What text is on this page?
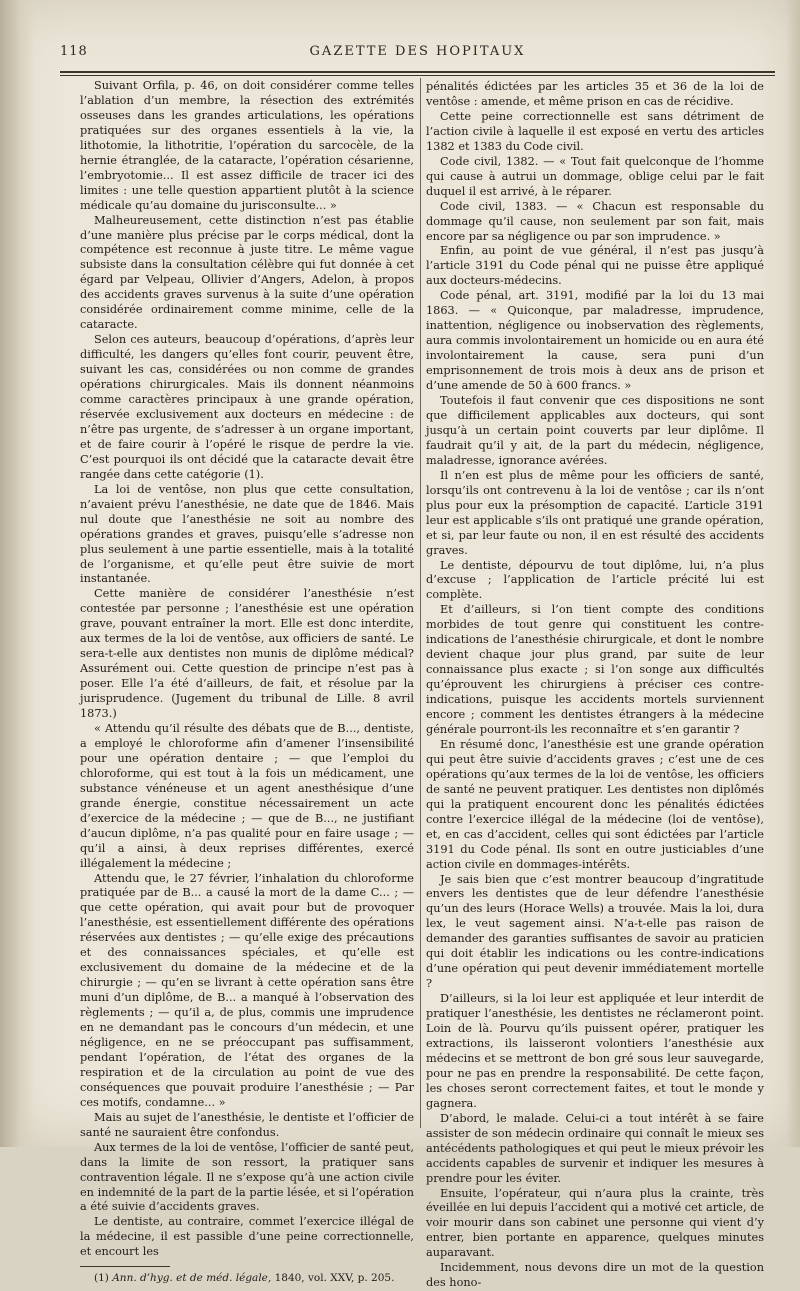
118	GAZETTE DES HOPITAUX

Suivant Orfila, p. 46, on doit considérer comme telles l’ablation d’un membre, la résection des extrémités osseuses dans les grandes articulations, les opérations pratiquées sur des organes essentiels à la vie, la lithotomie, la lithotritie, l’opération du sarcocèle, de la hernie étranglée, de la cataracte, l’opération césarienne, l’embryotomie... Il est assez difficile de tracer ici des limites : une telle question appartient plutôt à la science médicale qu’au domaine du jurisconsulte... »

Malheureusement, cette distinction n’est pas établie d’une manière plus précise par le corps médical, dont la compétence est reconnue à juste titre. Le même vague subsiste dans la consultation célèbre qui fut donnée à cet égard par Velpeau, Ollivier d’Angers, Adelon, à propos des accidents graves survenus à la suite d’une opération considérée ordinairement comme minime, celle de la cataracte.

Selon ces auteurs, beaucoup d’opérations, d’après leur difficulté, les dangers qu’elles font courir, peuvent être, suivant les cas, considérées ou non comme de grandes opérations chirurgicales. Mais ils donnent néanmoins comme caractères principaux à une grande opération, réservée exclusivement aux docteurs en médecine : de n’être pas urgente, de s’adresser à un organe important, et de faire courir à l’opéré le risque de perdre la vie. C’est pourquoi ils ont décidé que la cataracte devait être rangée dans cette catégorie (1).

La loi de ventôse, non plus que cette consultation, n’avaient prévu l’anesthésie, ne date que de 1846. Mais nul doute que l’anesthésie ne soit au nombre des opérations grandes et graves, puisqu’elle s’adresse non plus seulement à une partie essentielle, mais à la totalité de l’organisme, et qu’elle peut être suivie de mort instantanée.

Cette manière de considérer l’anesthésie n’est contestée par personne ; l’anesthésie est une opération grave, pouvant entraîner la mort. Elle est donc interdite, aux termes de la loi de ventôse, aux officiers de santé. Le sera-t-elle aux dentistes non munis de diplôme médical? Assurément oui. Cette question de principe n’est pas à poser. Elle l’a été d’ailleurs, de fait, et résolue par la jurisprudence. (Jugement du tribunal de Lille. 8 avril 1873.)

« Attendu qu’il résulte des débats que de B..., dentiste, a employé le chloroforme afin d’amener l’insensibilité pour une opération dentaire ; — que l’emploi du chloroforme, qui est tout à la fois un médicament, une substance vénéneuse et un agent anesthésique d’une grande énergie, constitue nécessairement un acte d’exercice de la médecine ; — que de B..., ne justifiant d’aucun diplôme, n’a pas qualité pour en faire usage ; — qu’il a ainsi, à deux reprises différentes, exercé illégalement la médecine ;

Attendu que, le 27 février, l’inhalation du chloroforme pratiquée par de B... a causé la mort de la dame C... ; — que cette opération, qui avait pour but de provoquer l’anesthésie, est essentiellement différente des opérations réservées aux dentistes ; — qu’elle exige des précautions et des connaissances spéciales, et qu’elle est exclusivement du domaine de la médecine et de la chirurgie ; — qu’en se livrant à cette opération sans être muni d’un diplôme, de B... a manqué à l’observation des règlements ; — qu’il a, de plus, commis une imprudence en ne demandant pas le concours d’un médecin, et une négligence, en ne se préoccupant pas suffisamment, pendant l’opération, de l’état des organes de la respiration et de la circulation au point de vue des conséquences que pouvait produire l’anesthésie ; — Par ces motifs, condamne... »

Mais au sujet de l’anesthésie, le dentiste et l’officier de santé ne sauraient être confondus.

Aux termes de la loi de ventôse, l’officier de santé peut, dans la limite de son ressort, la pratiquer sans contravention légale. Il ne s’expose qu’à une action civile en indemnité de la part de la partie lésée, et si l’opération a été suivie d’accidents graves.

Le dentiste, au contraire, commet l’exercice illégal de la médecine, il est passible d’une peine correctionnelle, et encourt les

(1) Ann. d’hyg. et de méd. légale, 1840, vol. XXV, p. 205.

pénalités édictées par les articles 35 et 36 de la loi de ventôse : amende, et même prison en cas de récidive.

Cette peine correctionnelle est sans détriment de l’action civile à laquelle il est exposé en vertu des articles 1382 et 1383 du Code civil.

Code civil, 1382. — « Tout fait quelconque de l’homme qui cause à autrui un dommage, oblige celui par le fait duquel il est arrivé, à le réparer.

Code civil, 1383. — « Chacun est responsable du dommage qu’il cause, non seulement par son fait, mais encore par sa négligence ou par son imprudence. »

Enfin, au point de vue général, il n’est pas jusqu’à l’article 3191 du Code pénal qui ne puisse être appliqué aux docteurs-médecins.

Code pénal, art. 3191, modifié par la loi du 13 mai 1863. — « Quiconque, par maladresse, imprudence, inattention, négligence ou inobservation des règlements, aura commis involontairement un homicide ou en aura été involontairement la cause, sera puni d’un emprisonnement de trois mois à deux ans de prison et d’une amende de 50 à 600 francs. »

Toutefois il faut convenir que ces dispositions ne sont que difficilement applicables aux docteurs, qui sont jusqu’à un certain point couverts par leur diplôme. Il faudrait qu’il y ait, de la part du médecin, négligence, maladresse, ignorance avérées.

Il n’en est plus de même pour les officiers de santé, lorsqu’ils ont contrevenu à la loi de ventôse ; car ils n’ont plus pour eux la présomption de capacité. L’article 3191 leur est applicable s’ils ont pratiqué une grande opération, et si, par leur faute ou non, il en est résulté des accidents graves.

Le dentiste, dépourvu de tout diplôme, lui, n’a plus d’excuse ; l’application de l’article précité lui est complète.

Et d’ailleurs, si l’on tient compte des conditions morbides de tout genre qui constituent les contre-indications de l’anesthésie chirurgicale, et dont le nombre devient chaque jour plus grand, par suite de leur connaissance plus exacte ; si l’on songe aux difficultés qu’éprouvent les chirurgiens à préciser ces contre-indications, puisque les accidents mortels surviennent encore ; comment les dentistes étrangers à la médecine générale pourront-ils les reconnaître et s’en garantir ?

En résumé donc, l’anesthésie est une grande opération qui peut être suivie d’accidents graves ; c’est une de ces opérations qu’aux termes de la loi de ventôse, les officiers de santé ne peuvent pratiquer. Les dentistes non diplômés qui la pratiquent encourent donc les pénalités édictées contre l’exercice illégal de la médecine (loi de ventôse), et, en cas d’accident, celles qui sont édictées par l’article 3191 du Code pénal. Ils sont en outre justiciables d’une action civile en dommages-intérêts.

Je sais bien que c’est montrer beaucoup d’ingratitude envers les dentistes que de leur défendre l’anesthésie qu’un des leurs (Horace Wells) a trouvée. Mais la loi, dura lex, le veut sagement ainsi. N’a-t-elle pas raison de demander des garanties suffisantes de savoir au praticien qui doit établir les indications ou les contre-indications d’une opération qui peut devenir immédiatement mortelle ?

D’ailleurs, si la loi leur est appliquée et leur interdit de pratiquer l’anesthésie, les dentistes ne réclameront point. Loin de là. Pourvu qu’ils puissent opérer, pratiquer les extractions, ils laisseront volontiers l’anesthésie aux médecins et se mettront de bon gré sous leur sauvegarde, pour ne pas en prendre la responsabilité. De cette façon, les choses seront correctement faites, et tout le monde y gagnera.

D’abord, le malade. Celui-ci a tout intérêt à se faire assister de son médecin ordinaire qui connaît le mieux ses antécédents pathologiques et qui peut le mieux prévoir les accidents capables de survenir et indiquer les mesures à prendre pour les éviter.

Ensuite, l’opérateur, qui n’aura plus la crainte, très éveillée en lui depuis l’accident qui a motivé cet article, de voir mourir dans son cabinet une personne qui vient d’y entrer, bien portante en apparence, quelques minutes auparavant.

Incidemment, nous devons dire un mot de la question des hono-
